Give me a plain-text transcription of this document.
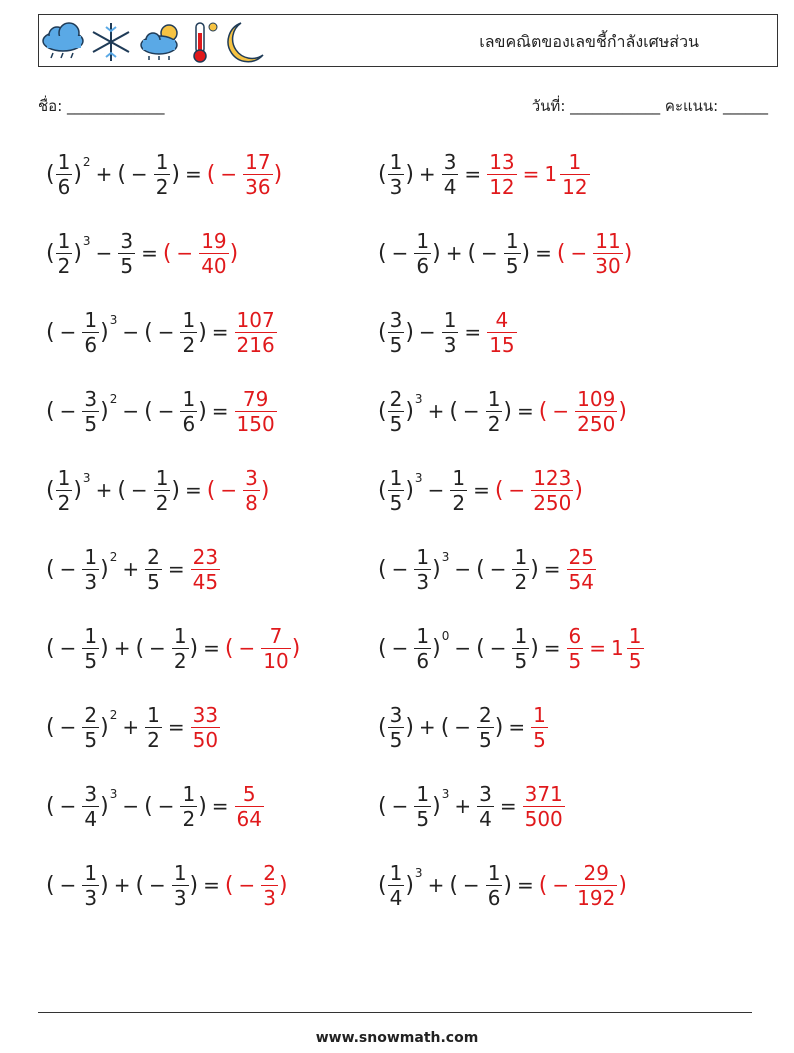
เลขคณิตของเลขชี้กำลังเศษส่วน
ชื่อ: _____________	วันที่: ____________ คะแนน: ______
( $\frac{1}{6} )^2$ + ( − $\frac{1}{2}$ ) = ( − $\frac{17}{36}$ )	( $\frac{1}{3}$ ) + $\frac{3}{4} = \frac{13}{12} = 1 \frac{1}{12}$
( $\frac{1}{2} )^3 - \frac{3}{5}$ = ( − $\frac{19}{40}$ )	( − $\frac{1}{6}$ ) + ( − $\frac{1}{5}$ ) = ( − $\frac{11}{30}$ )
( − $\frac{1}{6} )^3$ − ( − $\frac{1}{2}$ ) = $\frac{107}{216}$	( $\frac{3}{5}$ ) − $\frac{1}{3} = \frac{4}{15}$
( − $\frac{3}{5} )^2$ − ( − $\frac{1}{6}$ ) = $\frac{79}{150}$	( $\frac{2}{5} )^3$ + ( − $\frac{1}{2}$ ) = ( − $\frac{109}{250}$ )
( $\frac{1}{2} )^3$ + ( − $\frac{1}{2}$ ) = ( − $\frac{3}{8}$ )	( $\frac{1}{5} )^3 - \frac{1}{2}$ = ( − $\frac{123}{250}$ )
( − $\frac{1}{3} )^2 + \frac{2}{5} = \frac{23}{45}$	( − $\frac{1}{3} )^3$ − ( − $\frac{1}{2}$ ) = $\frac{25}{54}$
( − $\frac{1}{5}$ ) + ( − $\frac{1}{2}$ ) = ( − $\frac{7}{10}$ )	( − $\frac{1}{6} )^0$ − ( − $\frac{1}{5}$ ) = $\frac{6}{5} = 1 \frac{1}{5}$
( − $\frac{2}{5} )^2 + \frac{1}{2} = \frac{33}{50}$	( $\frac{3}{5}$ ) + ( − $\frac{2}{5}$ ) = $\frac{1}{5}$
( − $\frac{3}{4} )^3$ − ( − $\frac{1}{2}$ ) = $\frac{5}{64}$	( − $\frac{1}{5} )^3 + \frac{3}{4} = \frac{371}{500}$
( − $\frac{1}{3}$ ) + ( − $\frac{1}{3}$ ) = ( − $\frac{2}{3}$ )	( $\frac{1}{4} )^3$ + ( − $\frac{1}{6}$ ) = ( − $\frac{29}{192}$ )
www.snowmath.com
